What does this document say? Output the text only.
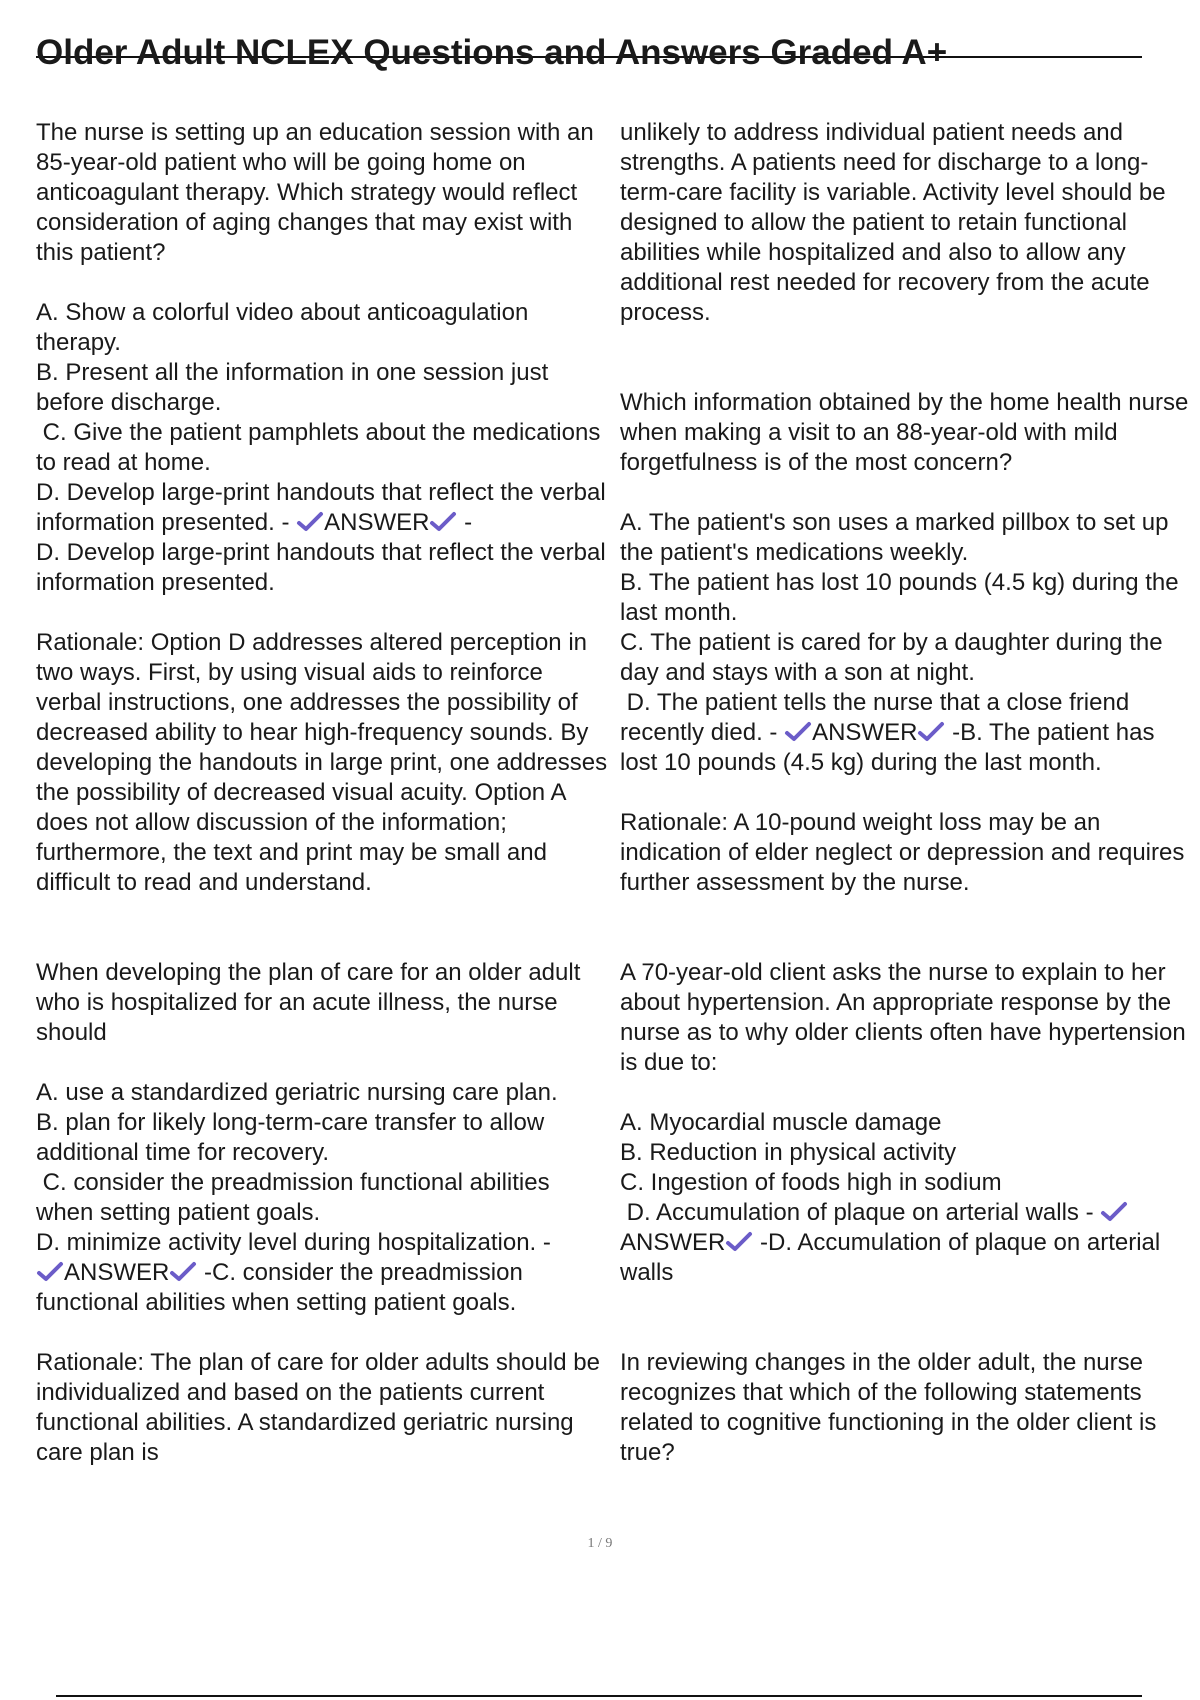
Older Adult NCLEX Questions and Answers Graded A+

The nurse is setting up an education session with an 85-year-old patient who will be going home on anticoagulant therapy. Which strategy would reflect consideration of aging changes that may exist with this patient?

A. Show a colorful video about anticoagulation therapy.

B. Present all the information in one session just before discharge.

C. Give the patient pamphlets about the medications to read at home.

D. Develop large-print handouts that reflect the verbal information presented. -
ANSWER
-

D. Develop large-print handouts that reflect the verbal information presented.

Rationale: Option D addresses altered perception in two ways. First, by using visual aids to reinforce verbal instructions, one addresses the possibility of decreased ability to hear high-frequency sounds. By developing the handouts in large print, one addresses the possibility of decreased visual acuity. Option A does not allow discussion of the information; furthermore, the text and print may be small and difficult to read and understand.

When developing the plan of care for an older adult who is hospitalized for an acute illness, the nurse should

A. use a standardized geriatric nursing care plan.

B. plan for likely long-term-care transfer to allow additional time for recovery.

C. consider the preadmission functional abilities when setting patient goals.

D. minimize activity level during hospitalization. -

ANSWER
-C. consider the preadmission functional abilities when setting patient goals.

Rationale: The plan of care for older adults should be individualized and based on the patients current functional abilities. A standardized geriatric nursing care plan is

unlikely to address individual patient needs and strengths. A patients need for discharge to a long-term-care facility is variable. Activity level should be designed to allow the patient to retain functional abilities while hospitalized and also to allow any additional rest needed for recovery from the acute process.

Which information obtained by the home health nurse when making a visit to an 88-year-old with mild forgetfulness is of the most concern?

A. The patient's son uses a marked pillbox to set up the patient's medications weekly.

B. The patient has lost 10 pounds (4.5 kg) during the last month.

C. The patient is cared for by a daughter during the day and stays with a son at night.

D. The patient tells the nurse that a close friend recently died. -
ANSWER
-B. The patient has lost 10 pounds (4.5 kg) during the last month.

Rationale: A 10-pound weight loss may be an indication of elder neglect or depression and requires further assessment by the nurse.

A 70-year-old client asks the nurse to explain to her about hypertension. An appropriate response by the nurse as to why older clients often have hypertension is due to:

A. Myocardial muscle damage

B. Reduction in physical activity

C. Ingestion of foods high in sodium

D. Accumulation of plaque on arterial walls -
ANSWER
-D. Accumulation of plaque on arterial walls

In reviewing changes in the older adult, the nurse recognizes that which of the following statements related to cognitive functioning in the older client is true?

1 / 9
